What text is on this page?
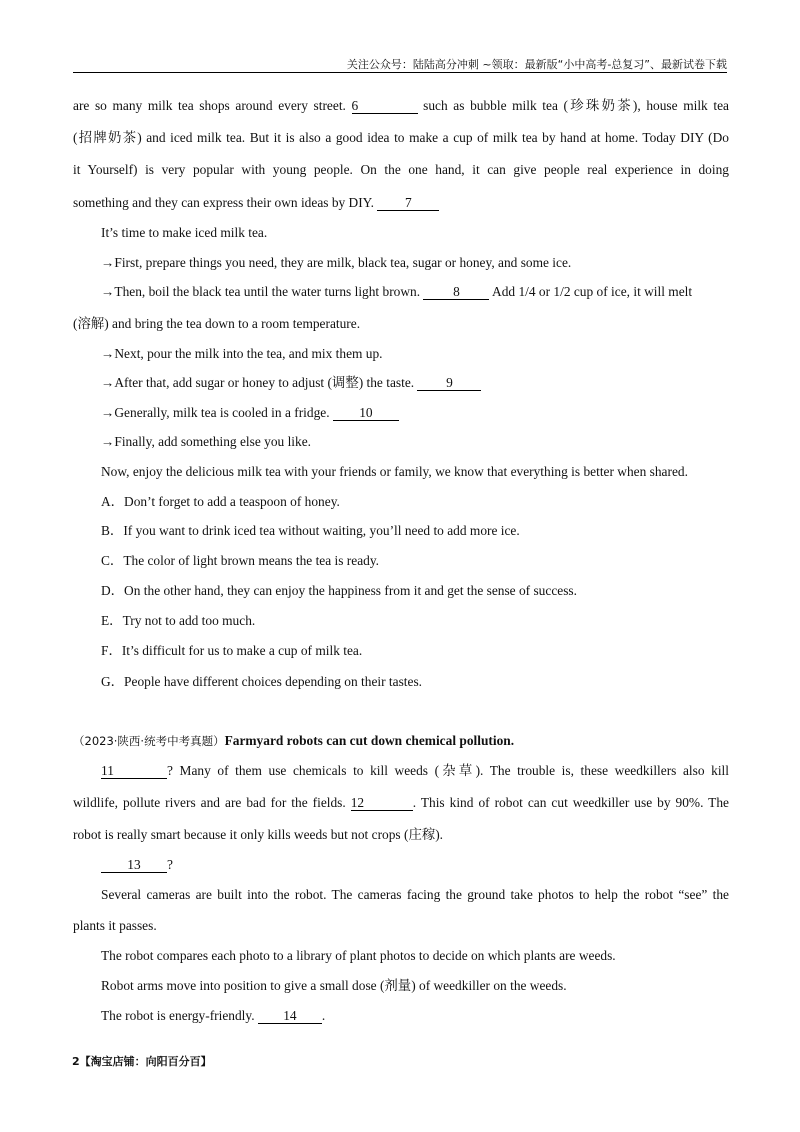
关注公众号：陆陆高分冲刺 ~领取：最新版“小中高考-总复习”、最新试卷下载
are so many milk tea shops around every street. 6	such as bubble milk tea (珍珠奶茶), house milk tea
(招牌奶茶) and iced milk tea. But it is also a good idea to make a cup of milk tea by hand at home. Today DIY (Do
it Yourself) is very popular with young people. On the one hand, it can give people real experience in doing
something and they can express their own ideas by DIY. 7
It’s time to make iced milk tea.
→First, prepare things you need, they are milk, black tea, sugar or honey, and some ice.
→Then, boil the black tea until the water turns light brown. 8 Add 1/4 or 1/2 cup of ice, it will melt
(溶解) and bring the tea down to a room temperature.
→Next, pour the milk into the tea, and mix them up.
→After that, add sugar or honey to adjust (调整) the taste. 9
→Generally, milk tea is cooled in a fridge. 10
→Finally, add something else you like.
Now, enjoy the delicious milk tea with your friends or family, we know that everything is better when shared.
A．Don’t forget to add a teaspoon of honey.
B．If you want to drink iced tea without waiting, you’ll need to add more ice.
C．The color of light brown means the tea is ready.
D．On the other hand, they can enjoy the happiness from it and get the sense of success.
E．Try not to add too much.
F．It’s difficult for us to make a cup of milk tea.
G．People have different choices depending on their tastes.
（2023·陕西·统考中考真题）Farmyard robots can cut down chemical pollution.
11	? Many of them use chemicals to kill weeds (杂草). The trouble is, these weedkillers also kill
wildlife, pollute rivers and are bad for the fields. 12	. This kind of robot can cut weedkiller use by 90%. The
robot is really smart because it only kills weeds but not crops (庄稼).
13 ?
Several cameras are built into the robot. The cameras facing the ground take photos to help the robot “see” the
plants it passes.
The robot compares each photo to a library of plant photos to decide on which plants are weeds.
Robot arms move into position to give a small dose (剂量) of weedkiller on the weeds.
The robot is energy-friendly. 14 .
2【淘宝店铺：向阳百分百】
